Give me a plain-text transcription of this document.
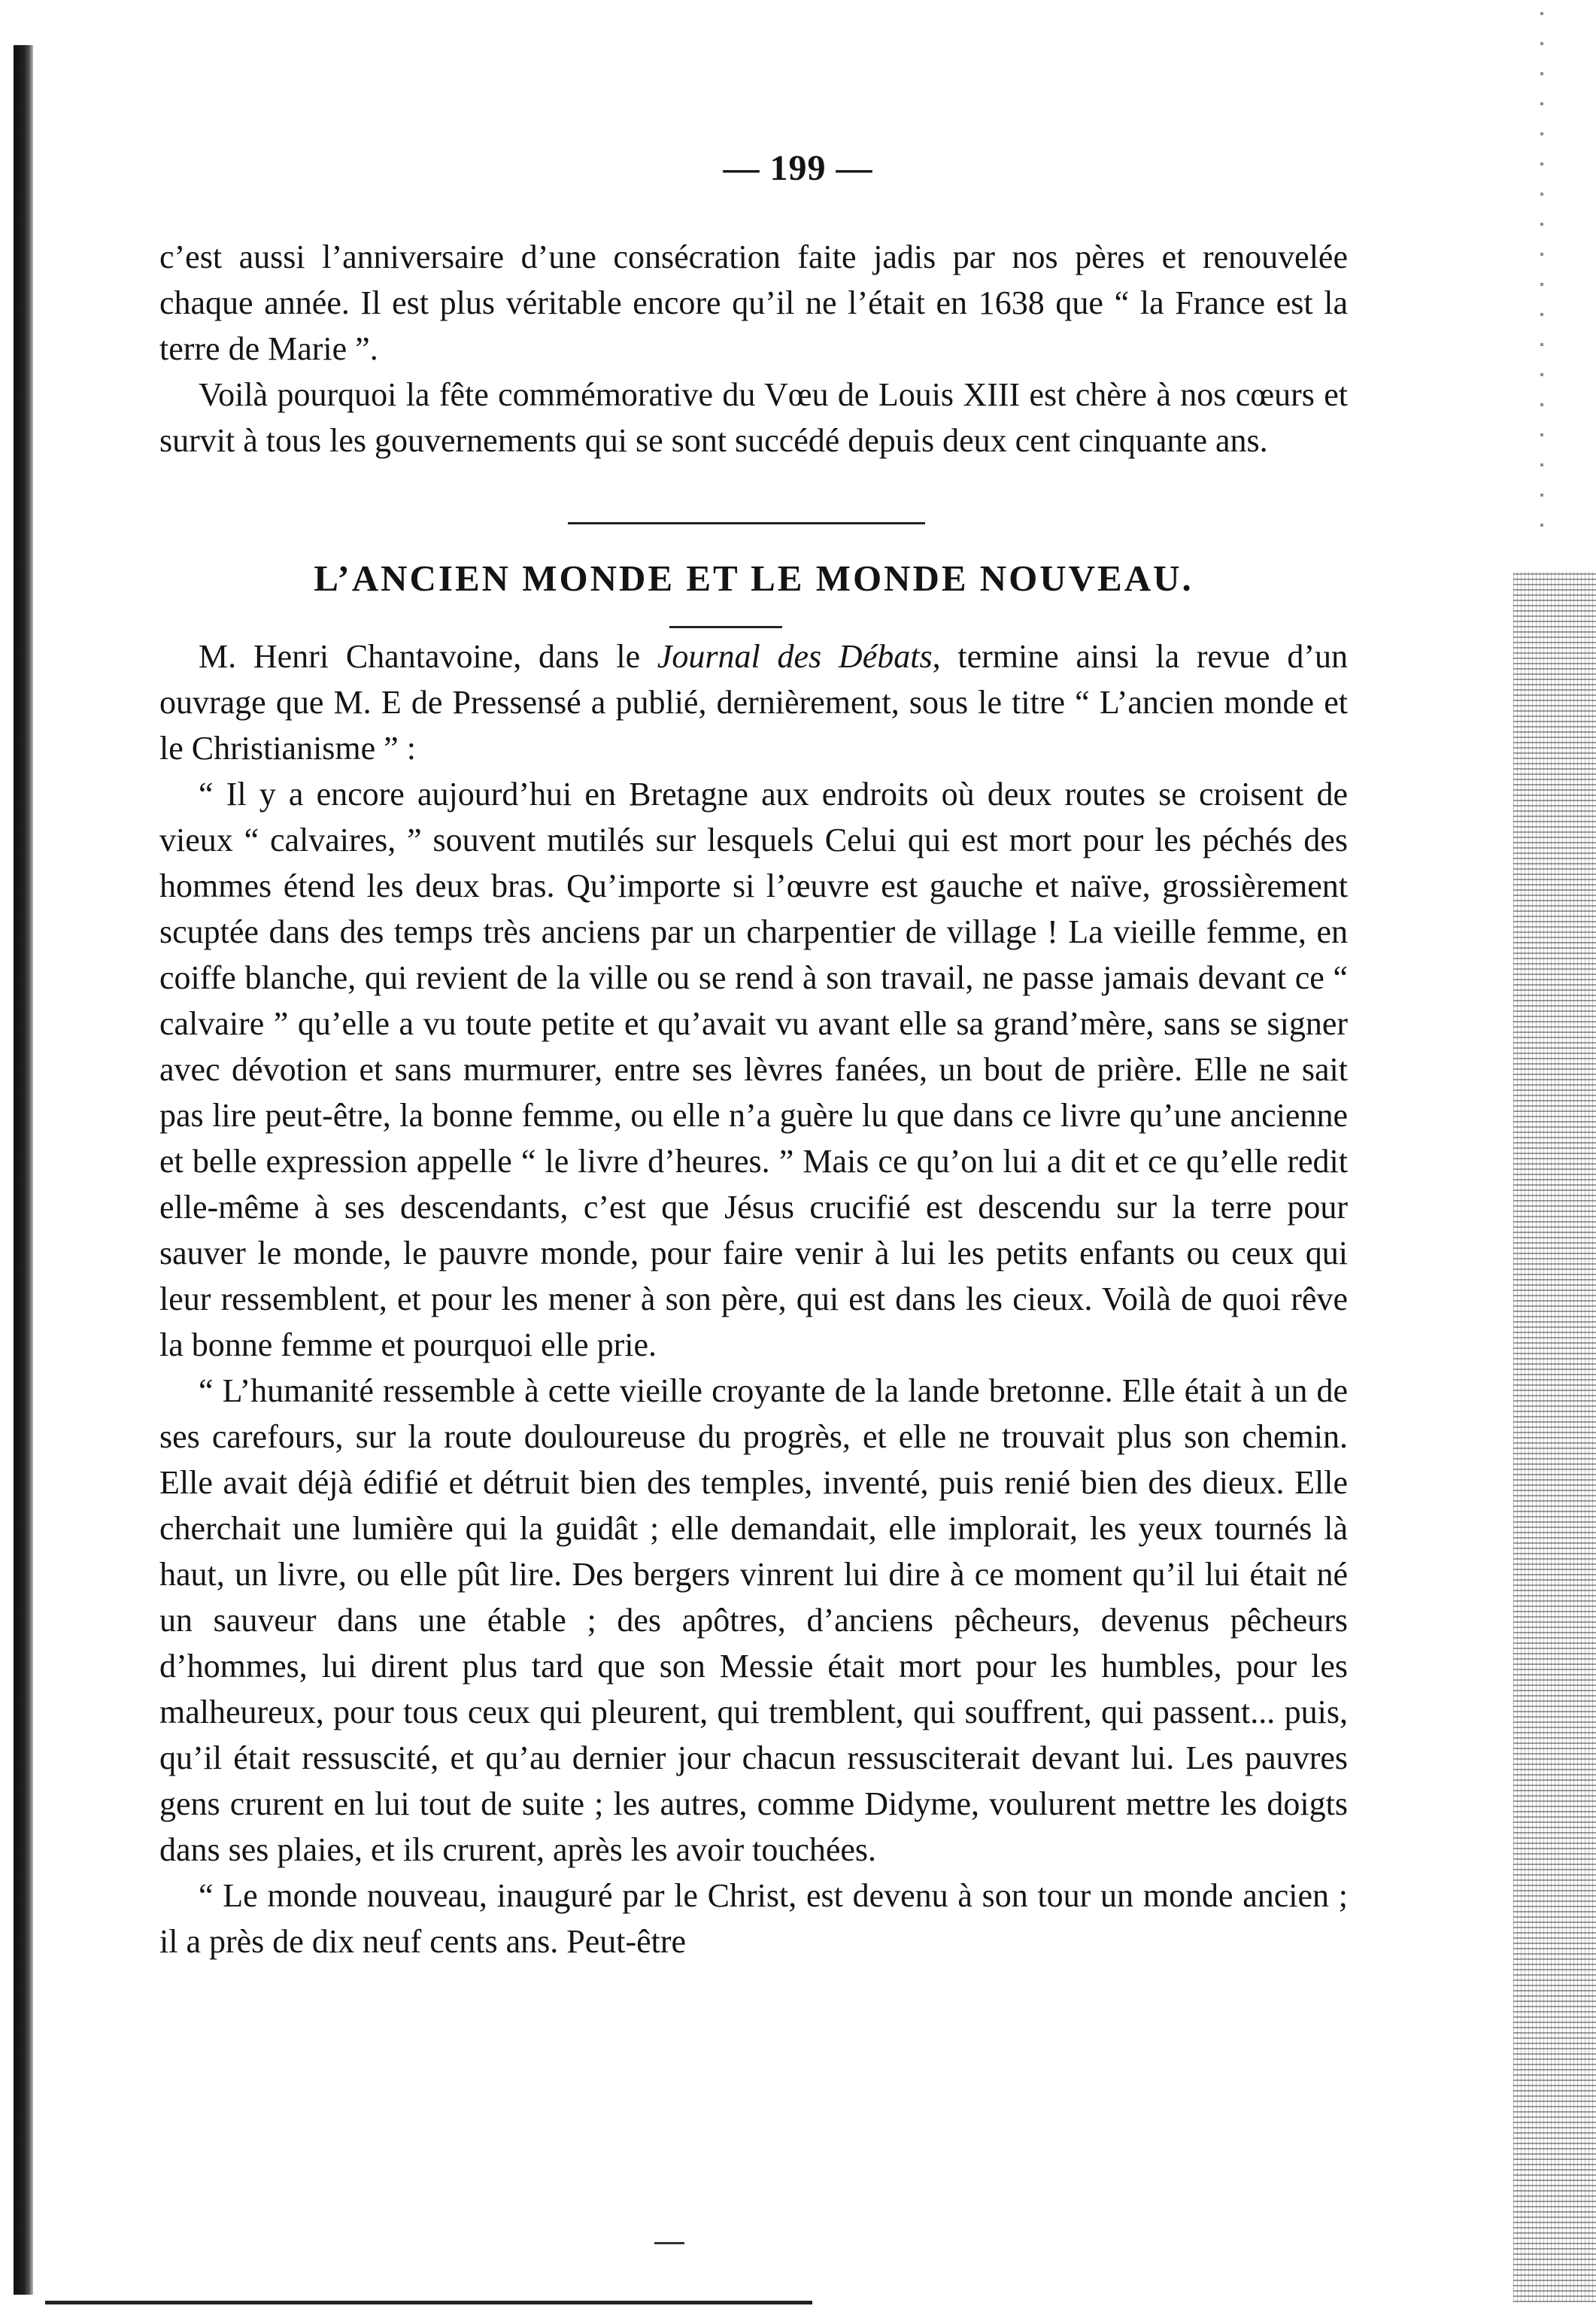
— 199 —

c’est aussi l’anniversaire d’une consécration faite jadis par nos pères et renouvelée chaque année. Il est plus véritable encore qu’il ne l’était en 1638 que “ la France est la terre de Marie ”.

Voilà pourquoi la fête commémorative du Vœu de Louis XIII est chère à nos cœurs et survit à tous les gouvernements qui se sont succédé depuis deux cent cinquante ans.

L’ANCIEN MONDE ET LE MONDE NOUVEAU.

M. Henri Chantavoine, dans le Journal des Débats, termine ainsi la revue d’un ouvrage que M. E de Pressensé a publié, dernièrement, sous le titre “ L’ancien monde et le Christianisme ” :

“ Il y a encore aujourd’hui en Bretagne aux endroits où deux routes se croisent de vieux “ calvaires, ” souvent mutilés sur lesquels Celui qui est mort pour les péchés des hommes étend les deux bras. Qu’importe si l’œuvre est gauche et naïve, grossièrement scuptée dans des temps très anciens par un charpentier de village ! La vieille femme, en coiffe blanche, qui revient de la ville ou se rend à son travail, ne passe jamais devant ce “ calvaire ” qu’elle a vu toute petite et qu’avait vu avant elle sa grand’mère, sans se signer avec dévotion et sans murmurer, entre ses lèvres fanées, un bout de prière. Elle ne sait pas lire peut-être, la bonne femme, ou elle n’a guère lu que dans ce livre qu’une ancienne et belle expression appelle “ le livre d’heures. ” Mais ce qu’on lui a dit et ce qu’elle redit elle-même à ses descendants, c’est que Jésus crucifié est descendu sur la terre pour sauver le monde, le pauvre monde, pour faire venir à lui les petits enfants ou ceux qui leur ressemblent, et pour les mener à son père, qui est dans les cieux. Voilà de quoi rêve la bonne femme et pourquoi elle prie.

“ L’humanité ressemble à cette vieille croyante de la lande bretonne. Elle était à un de ses carefours, sur la route douloureuse du progrès, et elle ne trouvait plus son chemin. Elle avait déjà édifié et détruit bien des temples, inventé, puis renié bien des dieux. Elle cherchait une lumière qui la guidât ; elle demandait, elle implorait, les yeux tournés là haut, un livre, ou elle pût lire. Des bergers vinrent lui dire à ce moment qu’il lui était né un sauveur dans une étable ; des apôtres, d’anciens pêcheurs, devenus pêcheurs d’hommes, lui dirent plus tard que son Messie était mort pour les humbles, pour les malheureux, pour tous ceux qui pleurent, qui tremblent, qui souffrent, qui passent... puis, qu’il était ressuscité, et qu’au dernier jour chacun ressusciterait devant lui. Les pauvres gens crurent en lui tout de suite ; les autres, comme Didyme, voulurent mettre les doigts dans ses plaies, et ils crurent, après les avoir touchées.

“ Le monde nouveau, inauguré par le Christ, est devenu à son tour un monde ancien ; il a près de dix neuf cents ans. Peut-être
